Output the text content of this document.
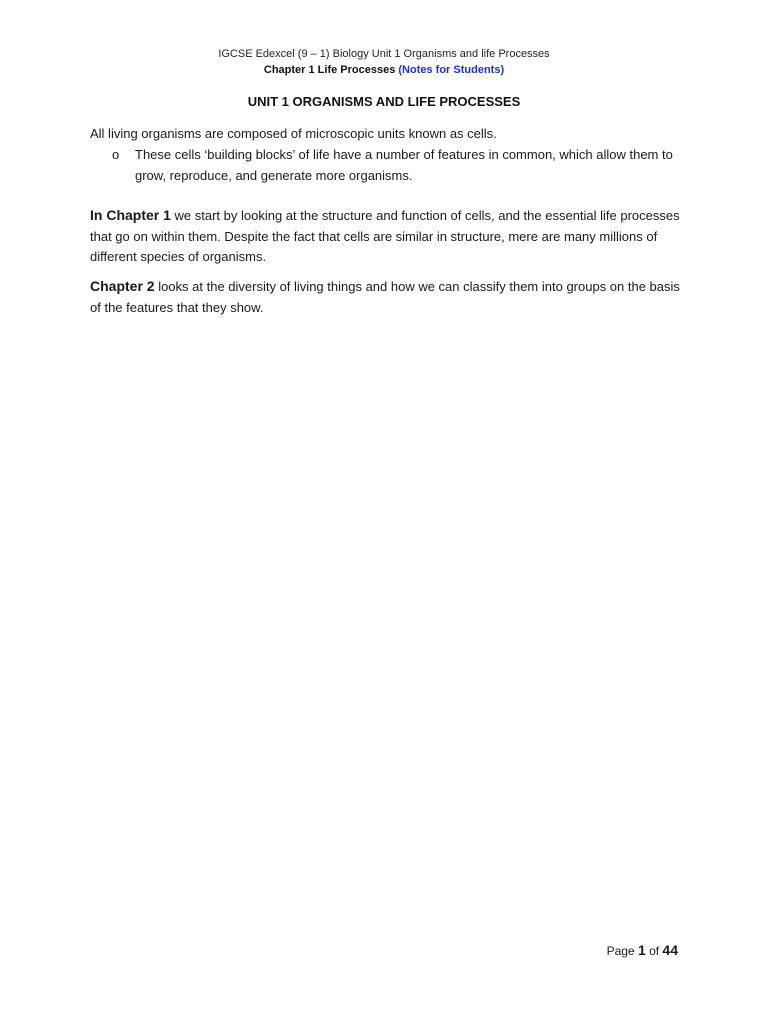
IGCSE Edexcel (9 – 1) Biology Unit 1 Organisms and life Processes
Chapter 1 Life Processes (Notes for Students)
UNIT 1 ORGANISMS AND LIFE PROCESSES
All living organisms are composed of microscopic units known as cells.
o	These cells ‘building blocks’ of life have a number of features in common, which allow them to grow, reproduce, and generate more organisms.
In Chapter 1 we start by looking at the structure and function of cells, and the essential life processes that go on within them. Despite the fact that cells are similar in structure, mere are many millions of different species of organisms.
Chapter 2 looks at the diversity of living things and how we can classify them into groups on the basis of the features that they show.
Page 1 of 44
